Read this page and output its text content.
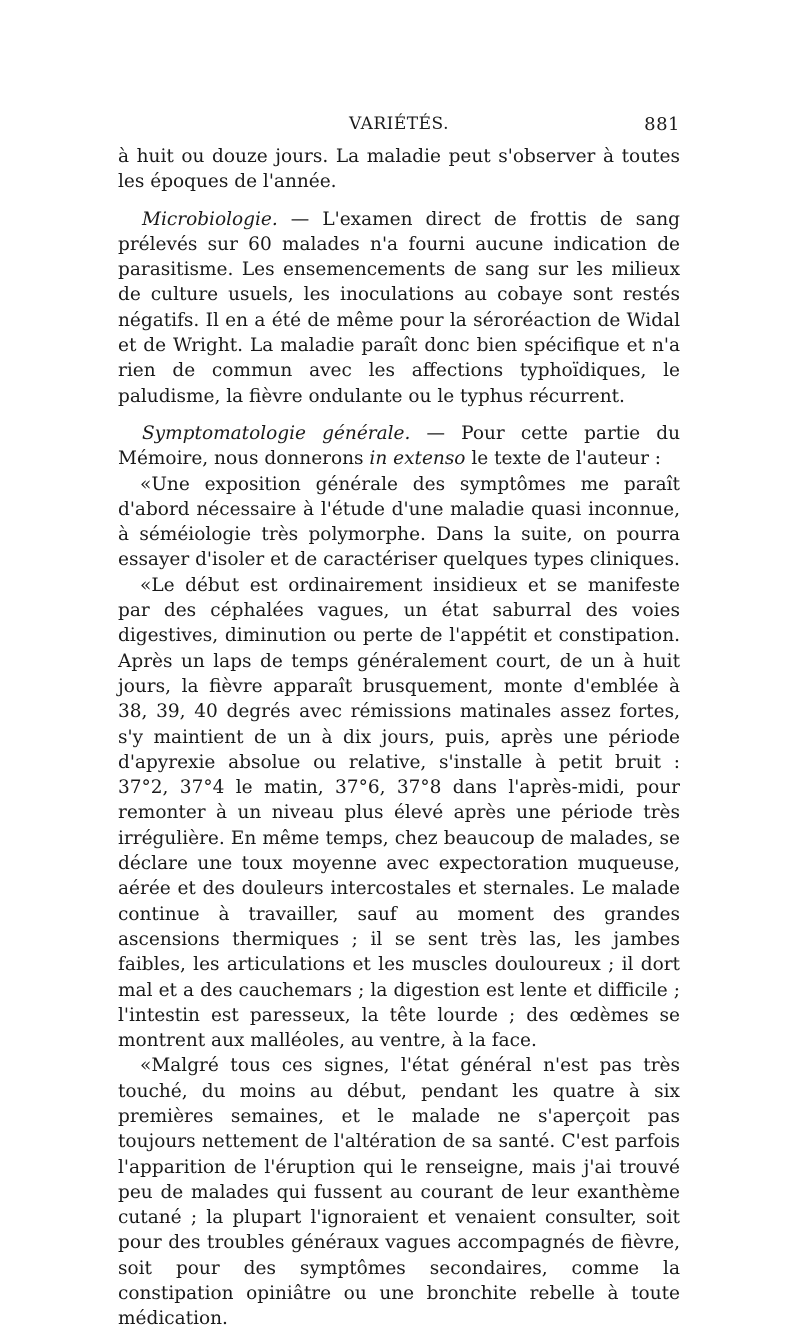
VARIÉTÉS.	881

à huit ou douze jours. La maladie peut s'observer à toutes les époques de l'année.

Microbiologie. — L'examen direct de frottis de sang prélevés sur 60 malades n'a fourni aucune indication de parasitisme. Les ensemencements de sang sur les milieux de culture usuels, les inoculations au cobaye sont restés négatifs. Il en a été de même pour la séroréaction de Widal et de Wright. La maladie paraît donc bien spécifique et n'a rien de commun avec les affections typhoïdiques, le paludisme, la fièvre ondulante ou le typhus récurrent.

Symptomatologie générale. — Pour cette partie du Mémoire, nous donnerons in extenso le texte de l'auteur :

«Une exposition générale des symptômes me paraît d'abord nécessaire à l'étude d'une maladie quasi inconnue, à séméiologie très polymorphe. Dans la suite, on pourra essayer d'isoler et de caractériser quelques types cliniques.

«Le début est ordinairement insidieux et se manifeste par des céphalées vagues, un état saburral des voies digestives, diminution ou perte de l'appétit et constipation. Après un laps de temps généralement court, de un à huit jours, la fièvre apparaît brusquement, monte d'emblée à 38, 39, 40 degrés avec rémissions matinales assez fortes, s'y maintient de un à dix jours, puis, après une période d'apyrexie absolue ou relative, s'installe à petit bruit : 37°2, 37°4 le matin, 37°6, 37°8 dans l'après-midi, pour remonter à un niveau plus élevé après une période très irrégulière. En même temps, chez beaucoup de malades, se déclare une toux moyenne avec expectoration muqueuse, aérée et des douleurs intercostales et sternales. Le malade continue à travailler, sauf au moment des grandes ascensions thermiques ; il se sent très las, les jambes faibles, les articulations et les muscles douloureux ; il dort mal et a des cauchemars ; la digestion est lente et difficile ; l'intestin est paresseux, la tête lourde ; des œdèmes se montrent aux malléoles, au ventre, à la face.

«Malgré tous ces signes, l'état général n'est pas très touché, du moins au début, pendant les quatre à six premières semaines, et le malade ne s'aperçoit pas toujours nettement de l'altération de sa santé. C'est parfois l'apparition de l'éruption qui le renseigne, mais j'ai trouvé peu de malades qui fussent au courant de leur exanthème cutané ; la plupart l'ignoraient et venaient consulter, soit pour des troubles généraux vagues accompagnés de fièvre, soit pour des symptômes secondaires, comme la constipation opiniâtre ou une bronchite rebelle à toute médication.
